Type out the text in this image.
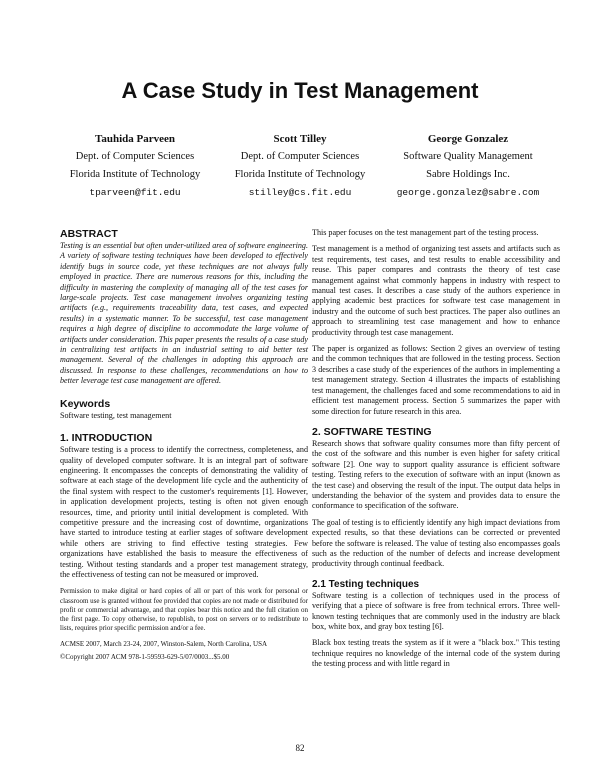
A Case Study in Test Management
Tauhida Parveen
Dept. of Computer Sciences
Florida Institute of Technology
tparveen@fit.edu
Scott Tilley
Dept. of Computer Sciences
Florida Institute of Technology
stilley@cs.fit.edu
George Gonzalez
Software Quality Management
Sabre Holdings Inc.
george.gonzalez@sabre.com
ABSTRACT

Testing is an essential but often under-utilized area of software engineering. A variety of software testing techniques have been developed to effectively identify bugs in source code, yet these techniques are not always fully employed in practice. There are numerous reasons for this, including the difficulty in mastering the complexity of managing all of the test cases for large-scale projects. Test case management involves organizing testing artifacts (e.g., requirements traceability data, test cases, and expected results) in a systematic manner. To be successful, test case management requires a high degree of discipline to accommodate the large volume of artifacts under consideration. This paper presents the results of a case study in centralizing test artifacts in an industrial setting to aid better test management. Several of the challenges in adopting this approach are discussed. In response to these challenges, recommendations on how to better leverage test case management are offered.

Keywords

Software testing, test management

1. INTRODUCTION

Software testing is a process to identify the correctness, completeness, and quality of developed computer software. It is an integral part of software engineering. It encompasses the concepts of demonstrating the validity of software at each stage of the development life cycle and the authenticity of the final system with respect to the customer's requirements [1]. However, in application development projects, testing is often not given enough resources, time, and priority until initial development is completed. With competitive pressure and the increasing cost of downtime, organizations have started to introduce testing at earlier stages of software development while others are striving to find effective testing strategies. Few organizations have established the basis to measure the effectiveness of testing. Without testing standards and a proper test management strategy, the effectiveness of testing can not be measured or improved.

Permission to make digital or hard copies of all or part of this work for personal or classroom use is granted without fee provided that copies are not made or distributed for profit or commercial advantage, and that copies bear this notice and the full citation on the first page. To copy otherwise, to republish, to post on servers or to redistribute to lists, requires prior specific permission and/or a fee.

ACMSE 2007, March 23-24, 2007, Winston-Salem, North Carolina, USA

©Copyright 2007 ACM 978-1-59593-629-5/07/0003...$5.00

This paper focuses on the test management part of the testing process.

Test management is a method of organizing test assets and artifacts such as test requirements, test cases, and test results to enable accessibility and reuse. This paper compares and contrasts the theory of test case management against what commonly happens in industry with respect to manual test cases. It describes a case study of the authors experience in applying academic best practices for software test case management in industry and the outcome of such best practices. The paper also outlines an approach to streamlining test case management and how to enhance productivity through test case management.

The paper is organized as follows: Section 2 gives an overview of testing and the common techniques that are followed in the testing process. Section 3 describes a case study of the experiences of the authors in implementing a test management strategy. Section 4 illustrates the impacts of establishing test management, the challenges faced and some recommendations to aid in efficient test management process. Section 5 summarizes the paper with some direction for future research in this area.

2. SOFTWARE TESTING

Research shows that software quality consumes more than fifty percent of the cost of the software and this number is even higher for safety critical software [2]. One way to support quality assurance is efficient software testing. Testing refers to the execution of software with an input (known as the test case) and observing the result of the input. The output data helps in understanding the behavior of the system and provides data to ensure the conformance to specification of the software.

The goal of testing is to efficiently identify any high impact deviations from expected results, so that these deviations can be corrected or prevented before the software is released. The value of testing also encompasses goals such as the reduction of the number of defects and increase development productivity through continual feedback.

2.1 Testing techniques

Software testing is a collection of techniques used in the process of verifying that a piece of software is free from technical errors. Three well-known testing techniques that are commonly used in the industry are black box, white box, and gray box testing [6].

Black box testing treats the system as if it were a "black box." This testing technique requires no knowledge of the internal code of the system during the testing process and with little regard in

82
